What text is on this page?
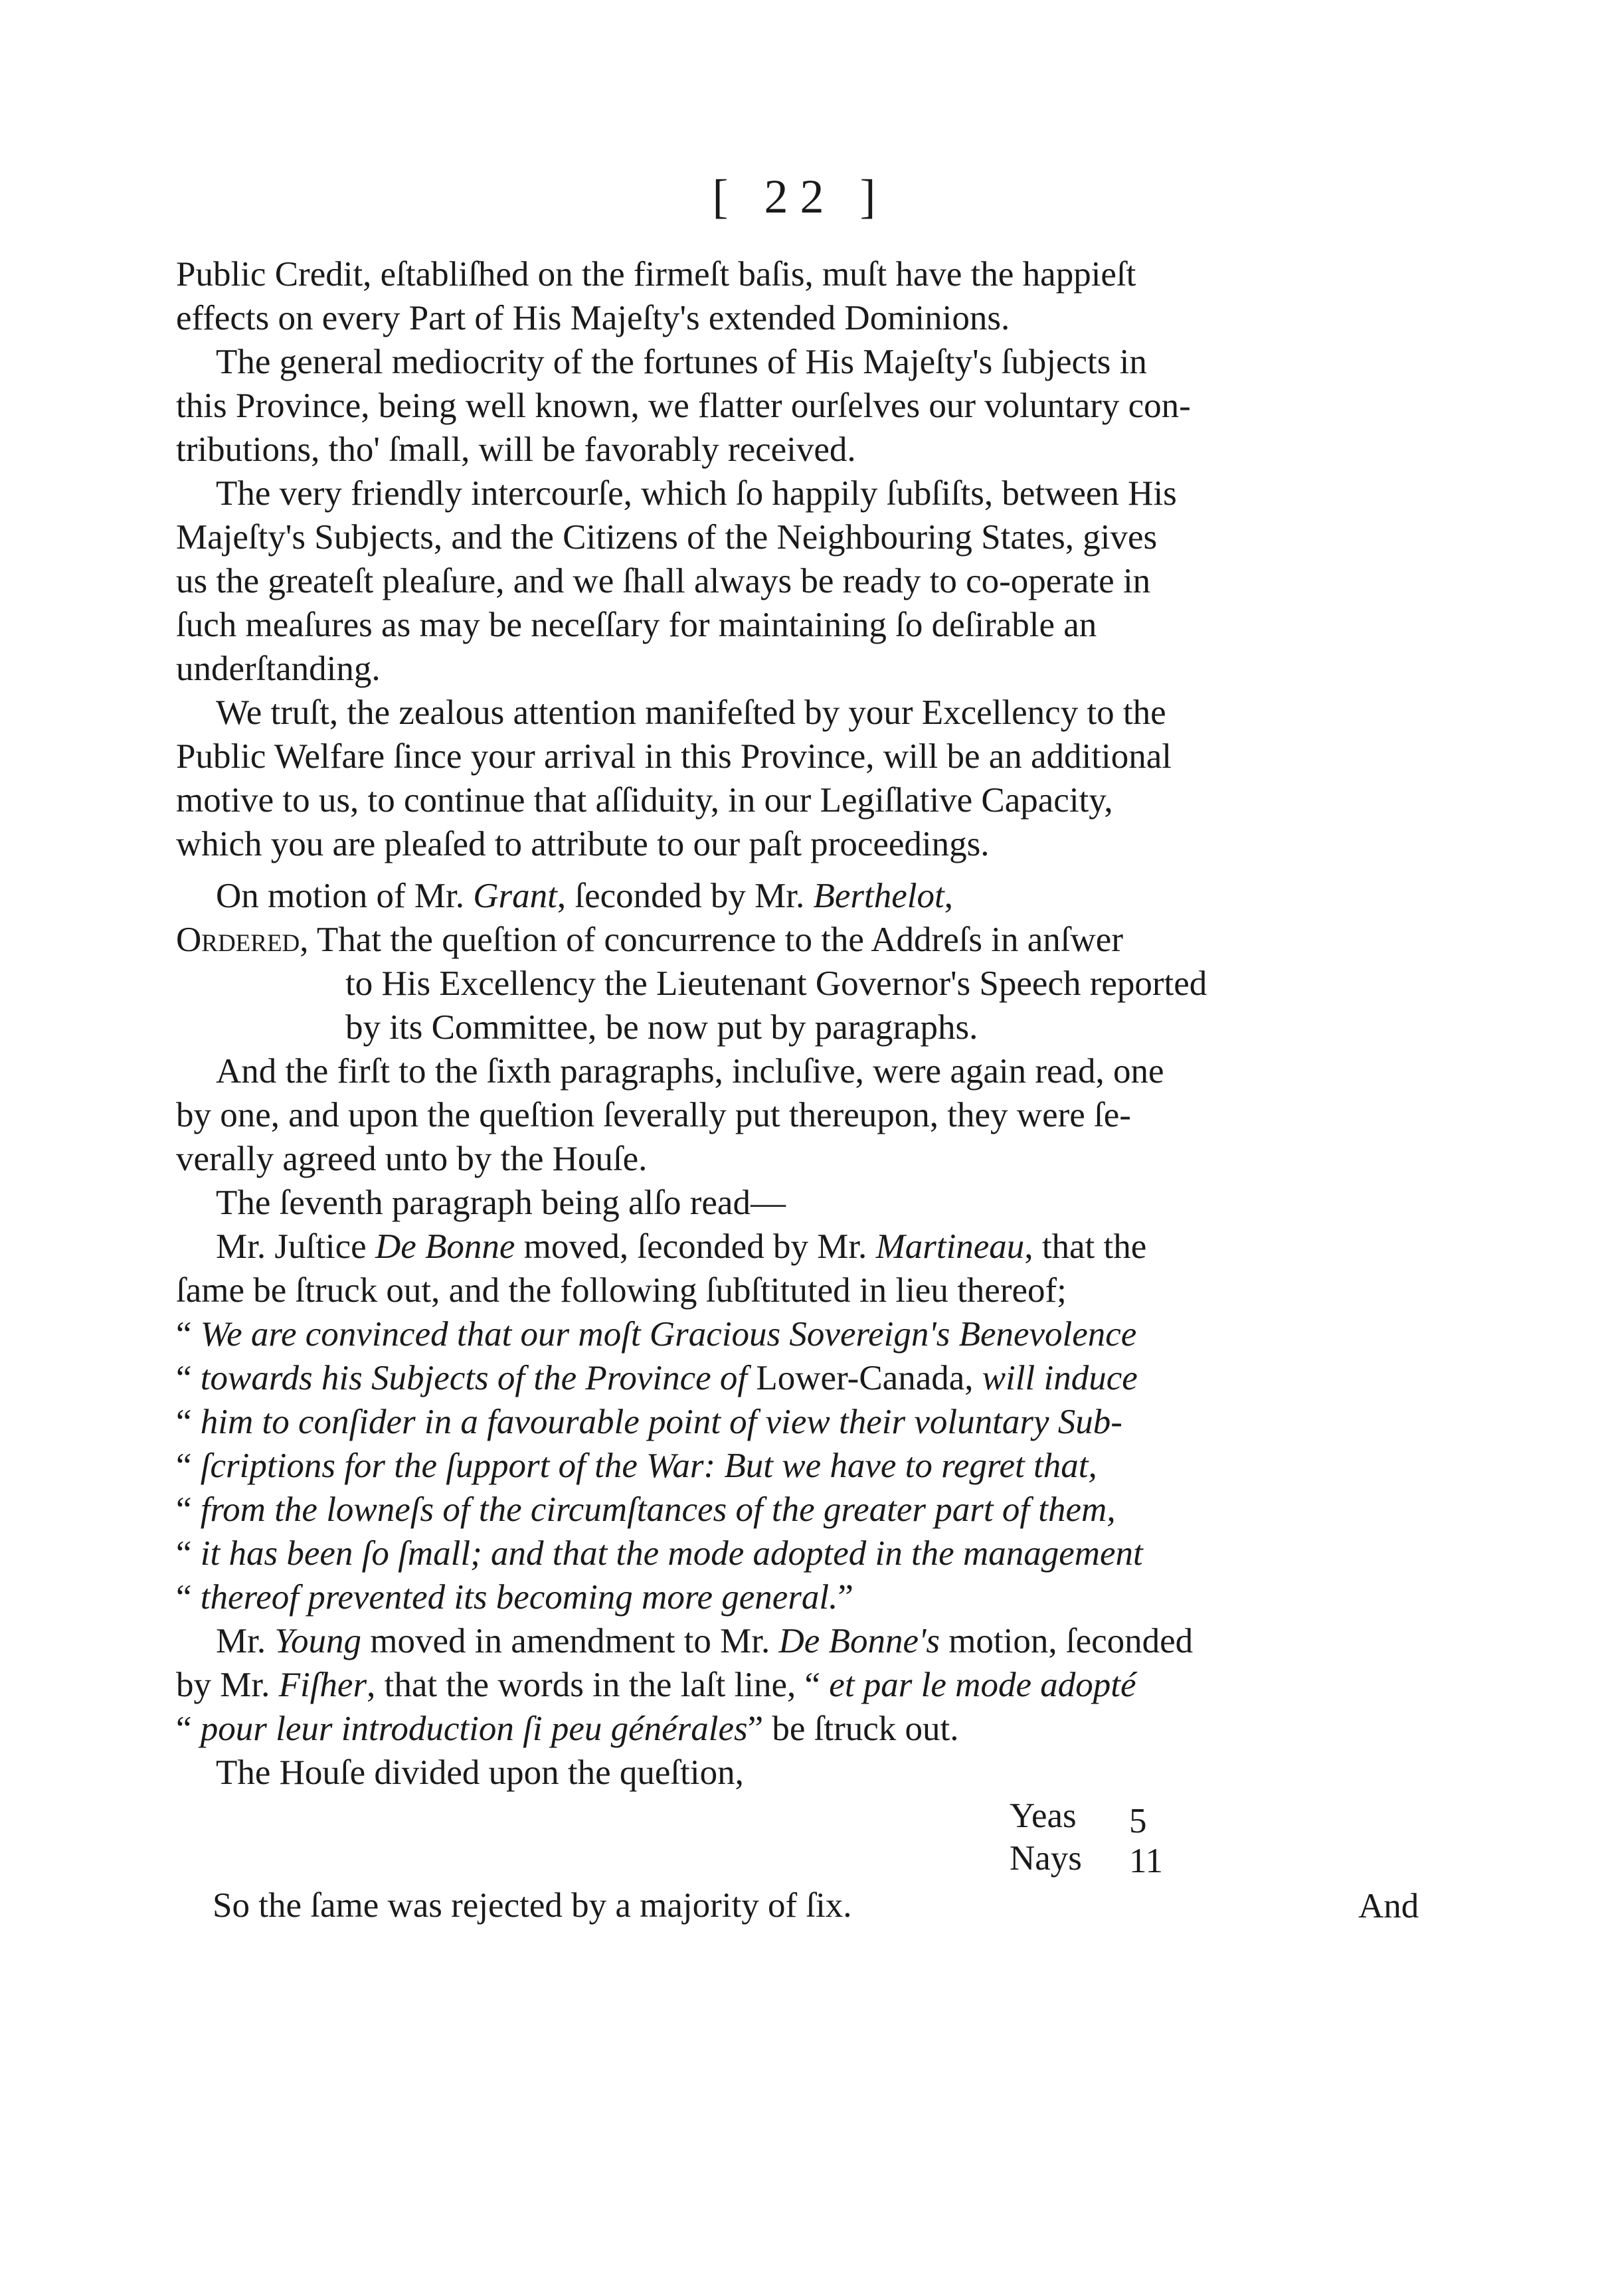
[ 22 ]
Public Credit, eſtabliſhed on the firmeſt baſis, muſt have the happieſt
effects on every Part of His Majeſty's extended Dominions.
The general mediocrity of the fortunes of His Majeſty's ſubjects in
this Province, being well known, we flatter ourſelves our voluntary con-
tributions, tho' ſmall, will be favorably received.
The very friendly intercourſe, which ſo happily ſubſiſts, between His
Majeſty's Subjects, and the Citizens of the Neighbouring States, gives
us the greateſt pleaſure, and we ſhall always be ready to co-operate in
ſuch meaſures as may be neceſſary for maintaining ſo deſirable an
underſtanding.
We truſt, the zealous attention manifeſted by your Excellency to the
Public Welfare ſince your arrival in this Province, will be an additional
motive to us, to continue that aſſiduity, in our Legiſlative Capacity,
which you are pleaſed to attribute to our paſt proceedings.
On motion of Mr. Grant, ſeconded by Mr. Berthelot,
Ordered, That the queſtion of concurrence to the Addreſs in anſwer
to His Excellency the Lieutenant Governor's Speech reported
by its Committee, be now put by paragraphs.
And the firſt to the ſixth paragraphs, incluſive, were again read, one
by one, and upon the queſtion ſeverally put thereupon, they were ſe-
verally agreed unto by the Houſe.
The ſeventh paragraph being alſo read—
Mr. Juſtice De Bonne moved, ſeconded by Mr. Martineau, that the
ſame be ſtruck out, and the following ſubſtituted in lieu thereof;
“ We are convinced that our moſt Gracious Sovereign's Benevolence
“ towards his Subjects of the Province of Lower-Canada, will induce
“ him to conſider in a favourable point of view their voluntary Sub-
“ ſcriptions for the ſupport of the War: But we have to regret that,
“ from the lowneſs of the circumſtances of the greater part of them,
“ it has been ſo ſmall; and that the mode adopted in the management
“ thereof prevented its becoming more general.”
Mr. Young moved in amendment to Mr. De Bonne's motion, ſeconded
by Mr. Fiſher, that the words in the laſt line, “ et par le mode adopté
“ pour leur introduction ſi peu générales” be ſtruck out.
The Houſe divided upon the queſtion,
Yeas 5
Nays 11
So the ſame was rejected by a majority of ſix.	And
